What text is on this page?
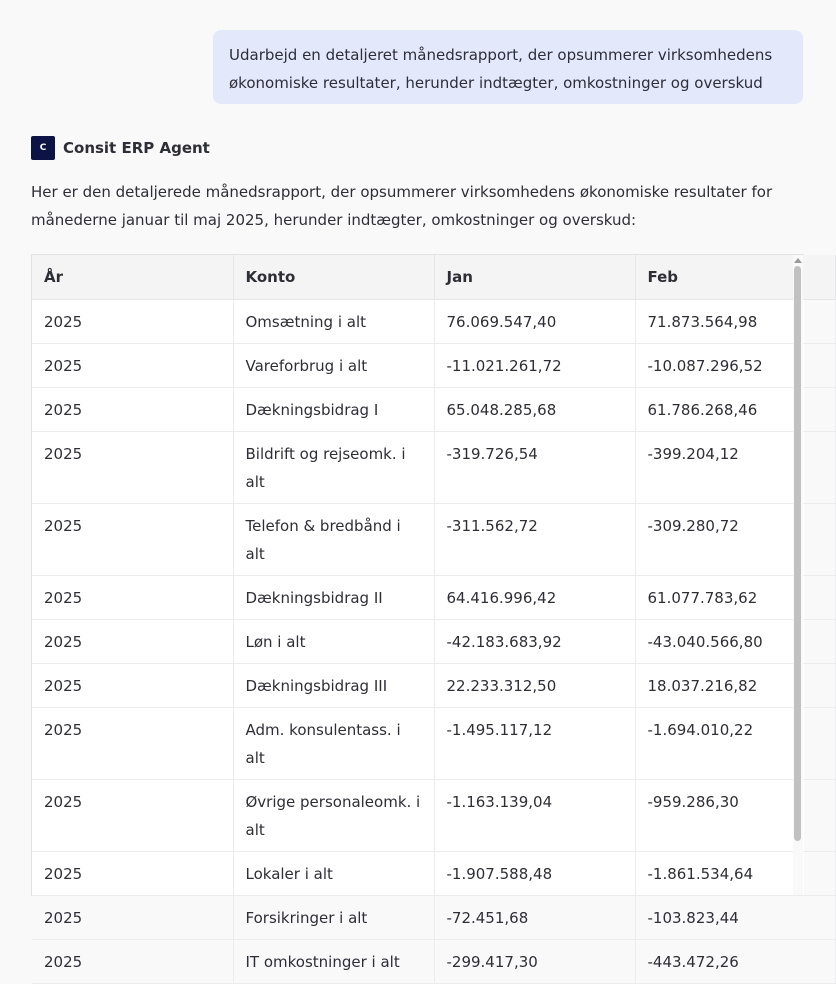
Udarbejd en detaljeret månedsrapport, der opsummerer virksomhedens
økonomiske resultater, herunder indtægter, omkostninger og overskud
C	Consit ERP Agent
Her er den detaljerede månedsrapport, der opsummerer virksomhedens økonomiske resultater for
månederne januar til maj 2025, herunder indtægter, omkostninger og overskud:
År	Konto	Jan	Feb
2025	Omsætning i alt	76.069.547,40	71.873.564,98
2025	Vareforbrug i alt	-11.021.261,72	-10.087.296,52
2025	Dækningsbidrag I	65.048.285,68	61.786.268,46
2025	Bildrift og rejseomk. i alt	-319.726,54	-399.204,12
2025	Telefon & bredbånd i alt	-311.562,72	-309.280,72
2025	Dækningsbidrag II	64.416.996,42	61.077.783,62
2025	Løn i alt	-42.183.683,92	-43.040.566,80
2025	Dækningsbidrag III	22.233.312,50	18.037.216,82
2025	Adm. konsulentass. i alt	-1.495.117,12	-1.694.010,22
2025	Øvrige personaleomk. i alt	-1.163.139,04	-959.286,30
2025	Lokaler i alt	-1.907.588,48	-1.861.534,64
2025	Forsikringer i alt	-72.451,68	-103.823,44
2025	IT omkostninger i alt	-299.417,30	-443.472,26
